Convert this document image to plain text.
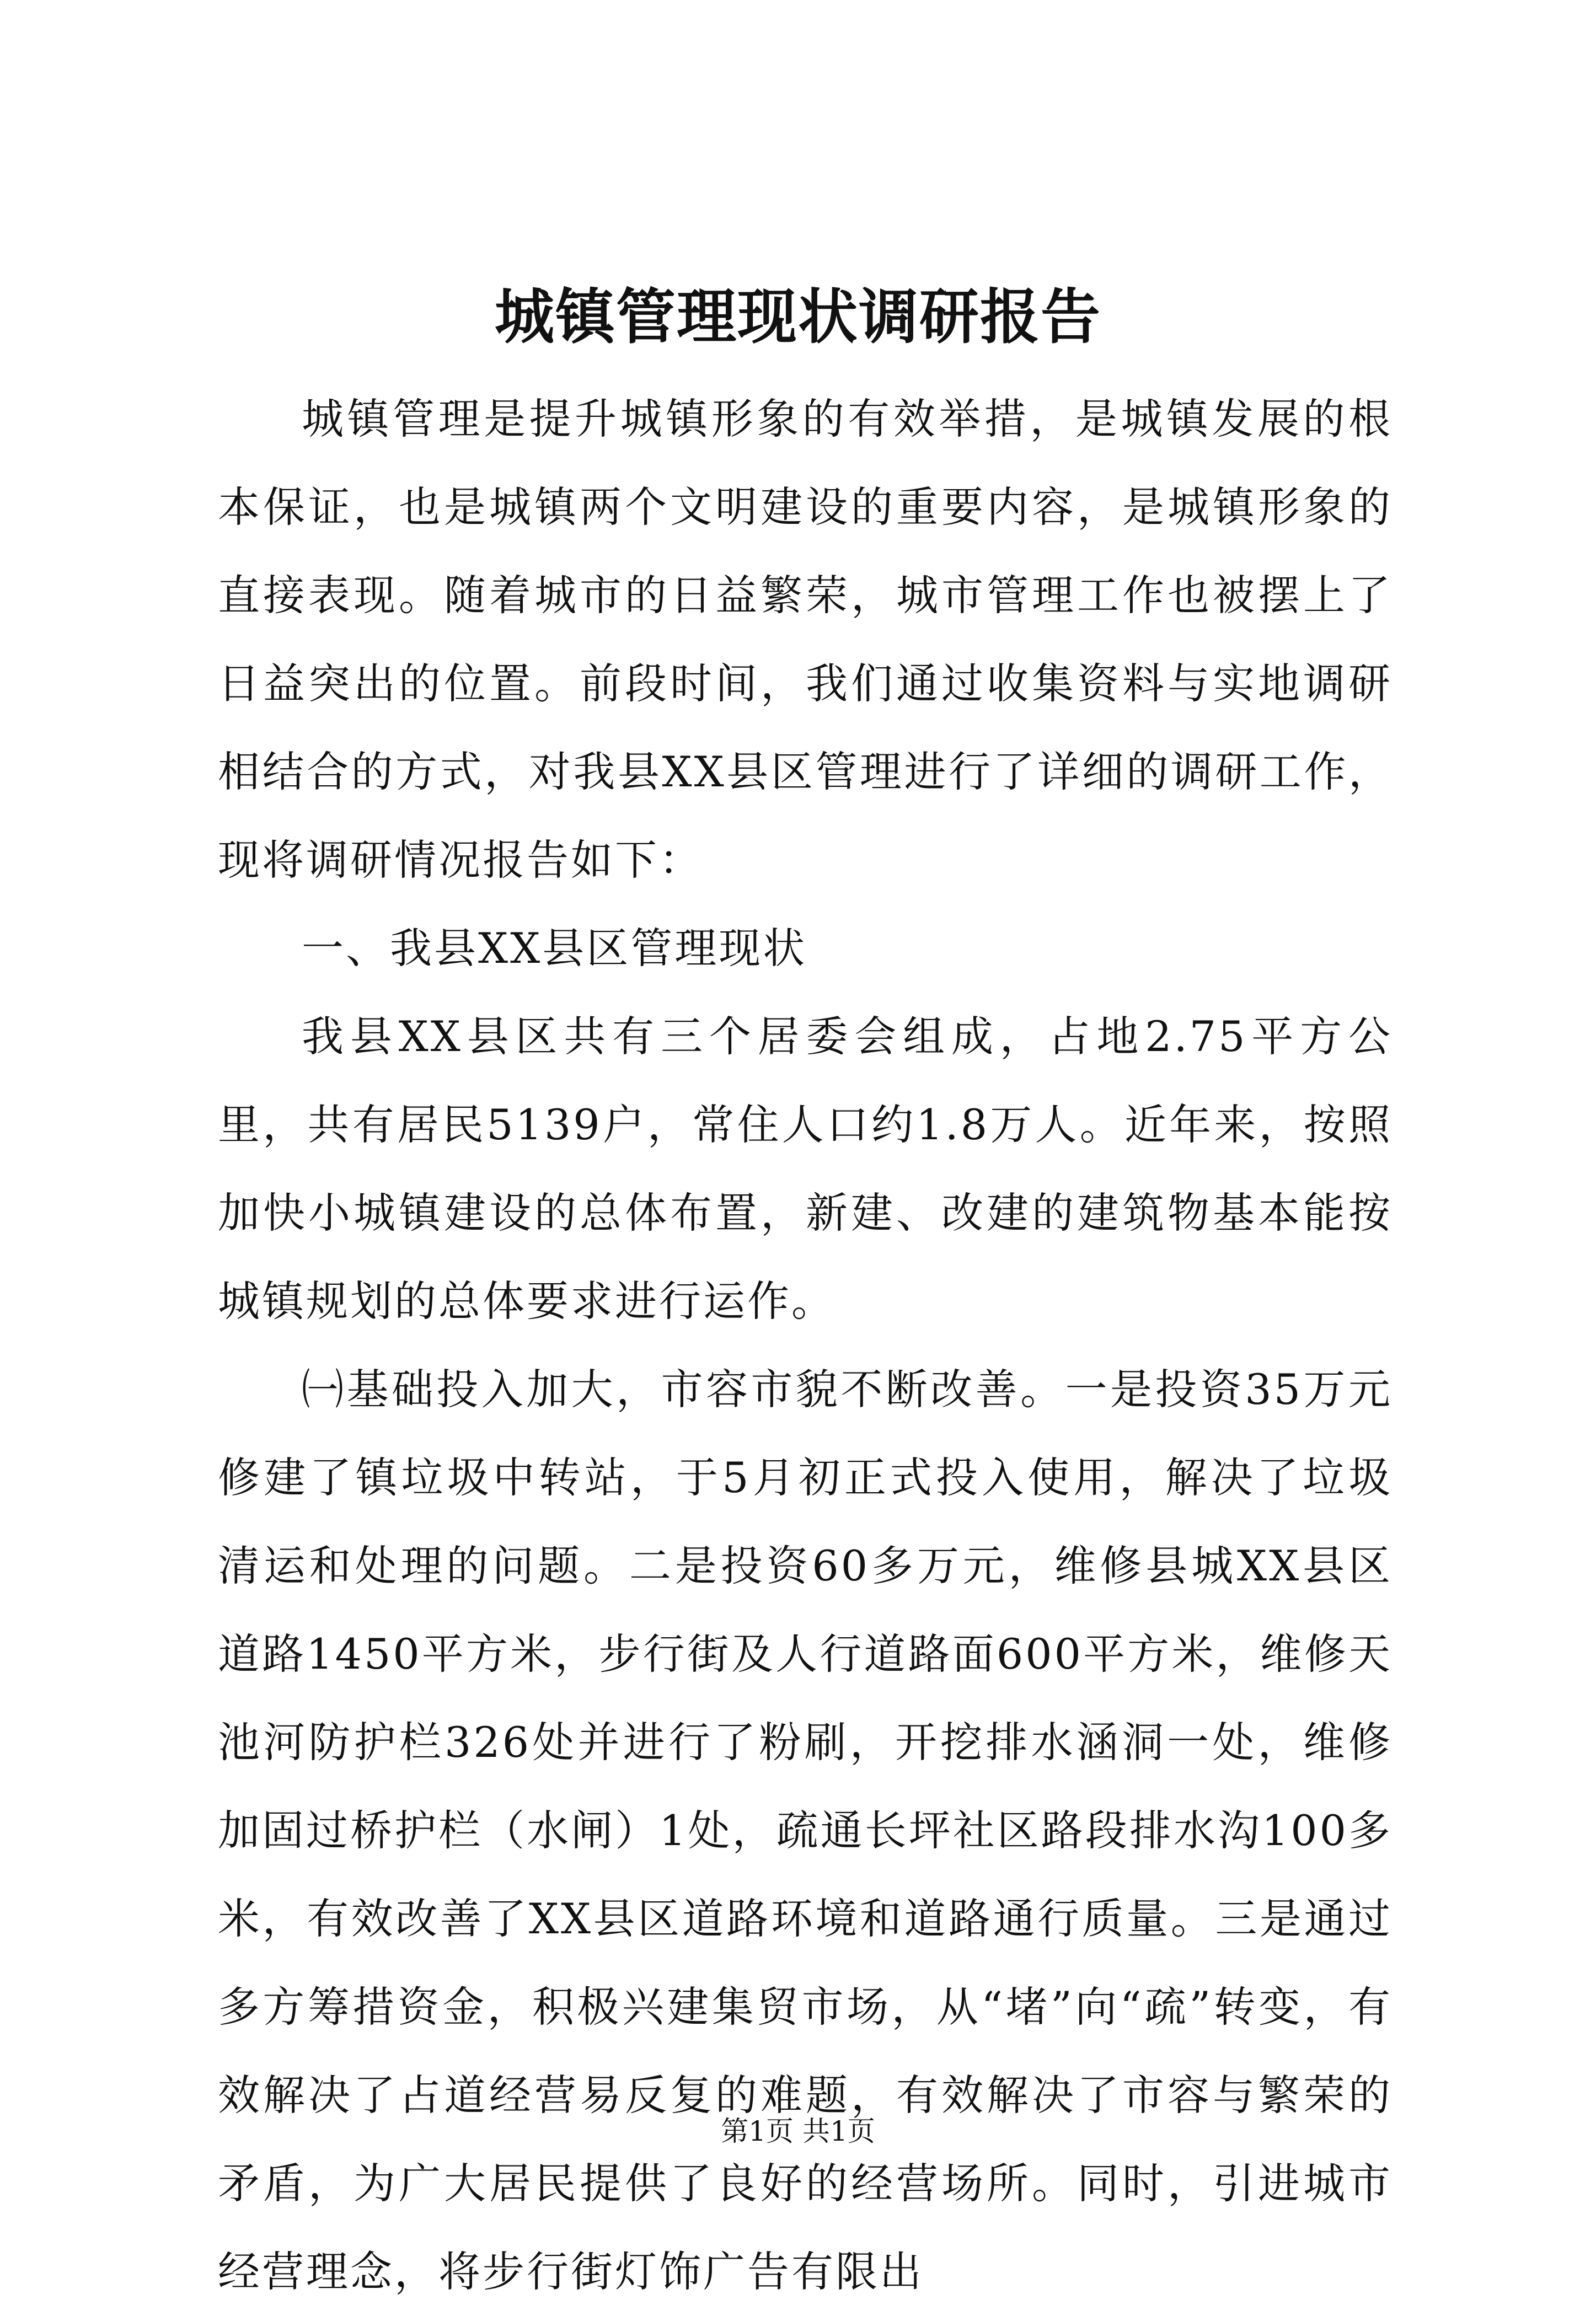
城镇管理现状调研报告

城镇管理是提升城镇形象的有效举措，是城镇发展的根本保证，也是城镇两个文明建设的重要内容，是城镇形象的直接表现。随着城市的日益繁荣，城市管理工作也被摆上了日益突出的位置。前段时间，我们通过收集资料与实地调研相结合的方式，对我县XX县区管理进行了详细的调研工作，现将调研情况报告如下：

一、我县XX县区管理现状

我县XX县区共有三个居委会组成，占地2.75平方公里，共有居民5139户，常住人口约1.8万人。近年来，按照加快小城镇建设的总体布置，新建、改建的建筑物基本能按城镇规划的总体要求进行运作。

㈠基础投入加大，市容市貌不断改善。一是投资35万元修建了镇垃圾中转站，于5月初正式投入使用，解决了垃圾清运和处理的问题。二是投资60多万元，维修县城XX县区道路1450平方米，步行街及人行道路面600平方米，维修天池河防护栏326处并进行了粉刷，开挖排水涵洞一处，维修加固过桥护栏（水闸）1处，疏通长坪社区路段排水沟100多米，有效改善了XX县区道路环境和道路通行质量。三是通过多方筹措资金，积极兴建集贸市场，从“堵”向“疏”转变，有效解决了占道经营易反复的难题，有效解决了市容与繁荣的矛盾，为广大居民提供了良好的经营场所。同时，引进城市经营理念，将步行街灯饰广告有限出

第1页 共1页
